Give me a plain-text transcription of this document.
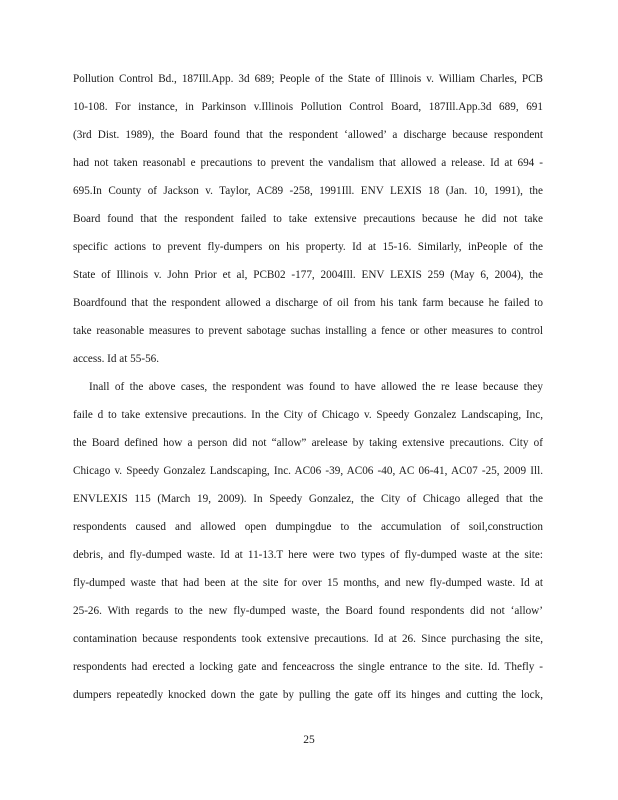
Pollution Control Bd., 187Ill.App. 3d 689; People of the State of Illinois v. William Charles, PCB
10-108. For instance, in Parkinson v.Illinois Pollution Control Board, 187Ill.App.3d 689, 691
(3rd Dist. 1989), the Board found that the respondent ‘allowed’ a discharge because respondent
had not taken reasonabl e precautions to prevent the vandalism that allowed a release. Id at 694 -
695.In County of Jackson v. Taylor, AC89 -258, 1991Ill. ENV LEXIS 18 (Jan. 10, 1991), the
Board found that the respondent failed to take extensive precautions because he did not take
specific actions to prevent fly-dumpers on his property. Id at 15-16. Similarly, inPeople of the
State of Illinois v. John Prior et al, PCB02 -177, 2004Ill. ENV LEXIS 259 (May 6, 2004), the
Boardfound that the respondent allowed a discharge of oil from his tank farm because he failed to
take reasonable measures to prevent sabotage suchas installing a fence or other measures to control
access. Id at 55-56.
Inall of the above cases, the respondent was found to have allowed the re lease because they
faile d to take extensive precautions. In the City of Chicago v. Speedy Gonzalez Landscaping, Inc,
the Board defined how a person did not “allow” arelease by taking extensive precautions. City of
Chicago v. Speedy Gonzalez Landscaping, Inc. AC06 -39, AC06 -40, AC 06-41, AC07 -25, 2009 Ill.
ENVLEXIS 115 (March 19, 2009). In Speedy Gonzalez, the City of Chicago alleged that the
respondents caused and allowed open dumpingdue to the accumulation of soil,construction
debris, and fly-dumped waste. Id at 11-13.T here were two types of fly-dumped waste at the site:
fly-dumped waste that had been at the site for over 15 months, and new fly-dumped waste. Id at
25-26. With regards to the new fly-dumped waste, the Board found respondents did not ‘allow’
contamination because respondents took extensive precautions. Id at 26. Since purchasing the site,
respondents had erected a locking gate and fenceacross the single entrance to the site. Id. Thefly -
dumpers repeatedly knocked down the gate by pulling the gate off its hinges and cutting the lock,
25
